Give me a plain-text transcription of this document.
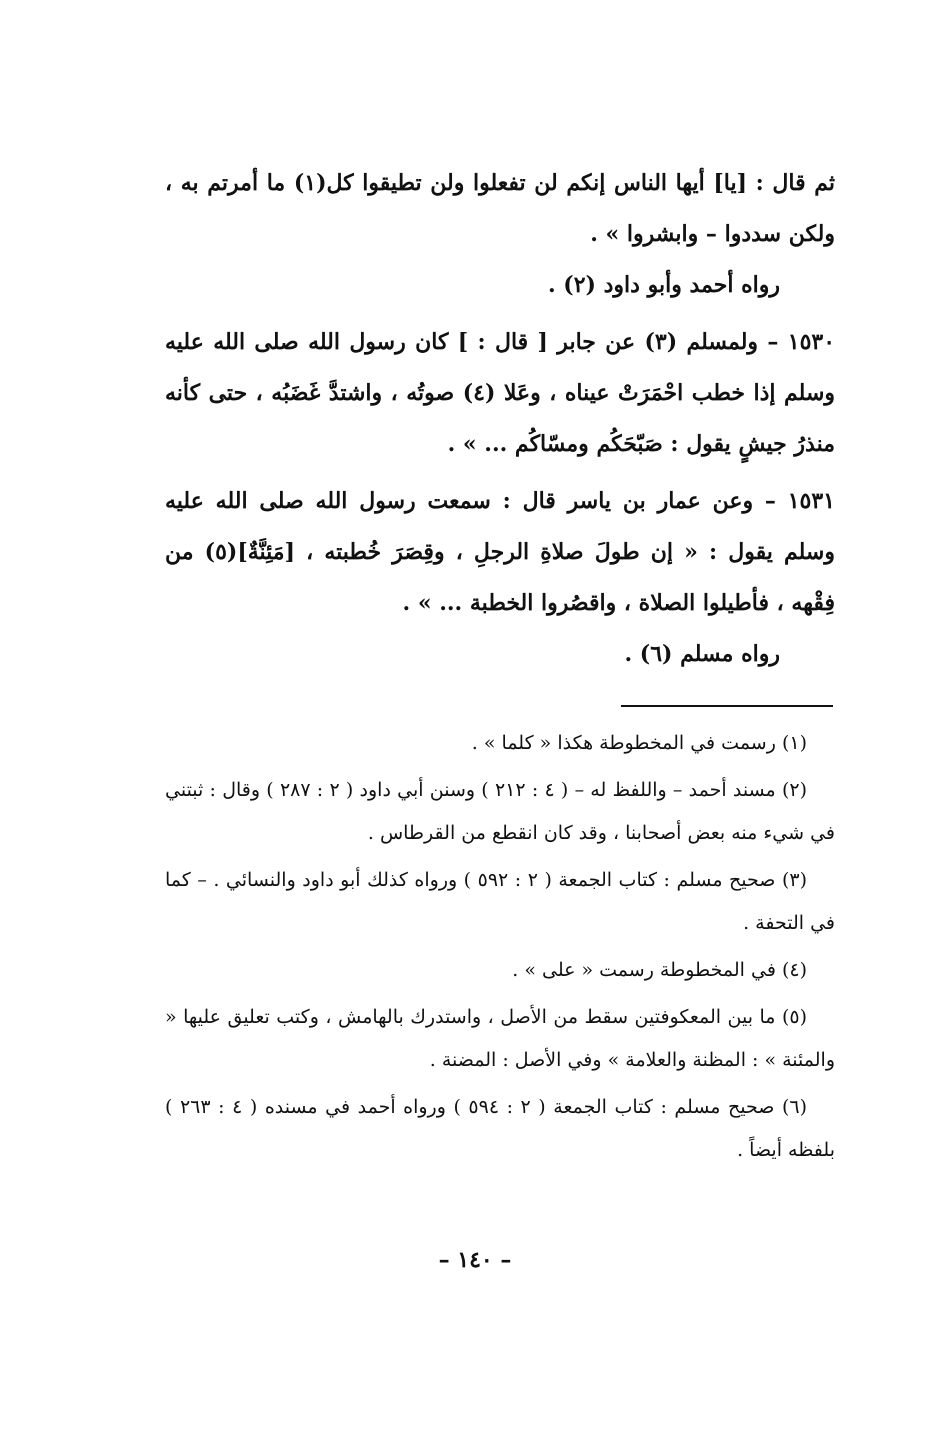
ثم قال : [يا] أيها الناس إنكم لن تفعلوا ولن تطيقوا كل(١) ما أمرتم به ، ولكن سددوا – وابشروا » .

رواه أحمد وأبو داود (٢) .

١٥٣٠ – ولمسلم (٣) عن جابر [ قال : ] كان رسول الله صلى الله عليه وسلم إذا خطب احْمَرَتْ عيناه ، وعَلا (٤) صوتُه ، واشتدَّ غَضَبُه ، حتى كأنه منذرُ جيشٍ يقول : صَبّحَكُم ومسّاكُم ... » .

١٥٣١ – وعن عمار بن ياسر قال : سمعت رسول الله صلى الله عليه وسلم يقول : « إن طولَ صلاةِ الرجلِ ، وقِصَرَ خُطبته ، [مَئِنَّةٌ](٥) من فِقْهه ، فأطيلوا الصلاة ، واقصُروا الخطبة ... » .

رواه مسلم (٦) .

(١) رسمت في المخطوطة هكذا « كلما » .

(٢) مسند أحمد – واللفظ له – ( ٤ : ٢١٢ ) وسنن أبي داود ( ٢ : ٢٨٧ ) وقال : ثبتني في شيء منه بعض أصحابنا ، وقد كان انقطع من القرطاس .

(٣) صحيح مسلم : كتاب الجمعة ( ٢ : ٥٩٢ ) ورواه كذلك أبو داود والنسائي . – كما في التحفة .

(٤) في المخطوطة رسمت « على » .

(٥) ما بين المعكوفتين سقط من الأصل ، واستدرك بالهامش ، وكتب تعليق عليها « والمئنة » : المظنة والعلامة » وفي الأصل : المضنة .

(٦) صحيح مسلم : كتاب الجمعة ( ٢ : ٥٩٤ ) ورواه أحمد في مسنده ( ٤ : ٢٦٣ ) بلفظه أيضاً .

– ١٤٠ –
